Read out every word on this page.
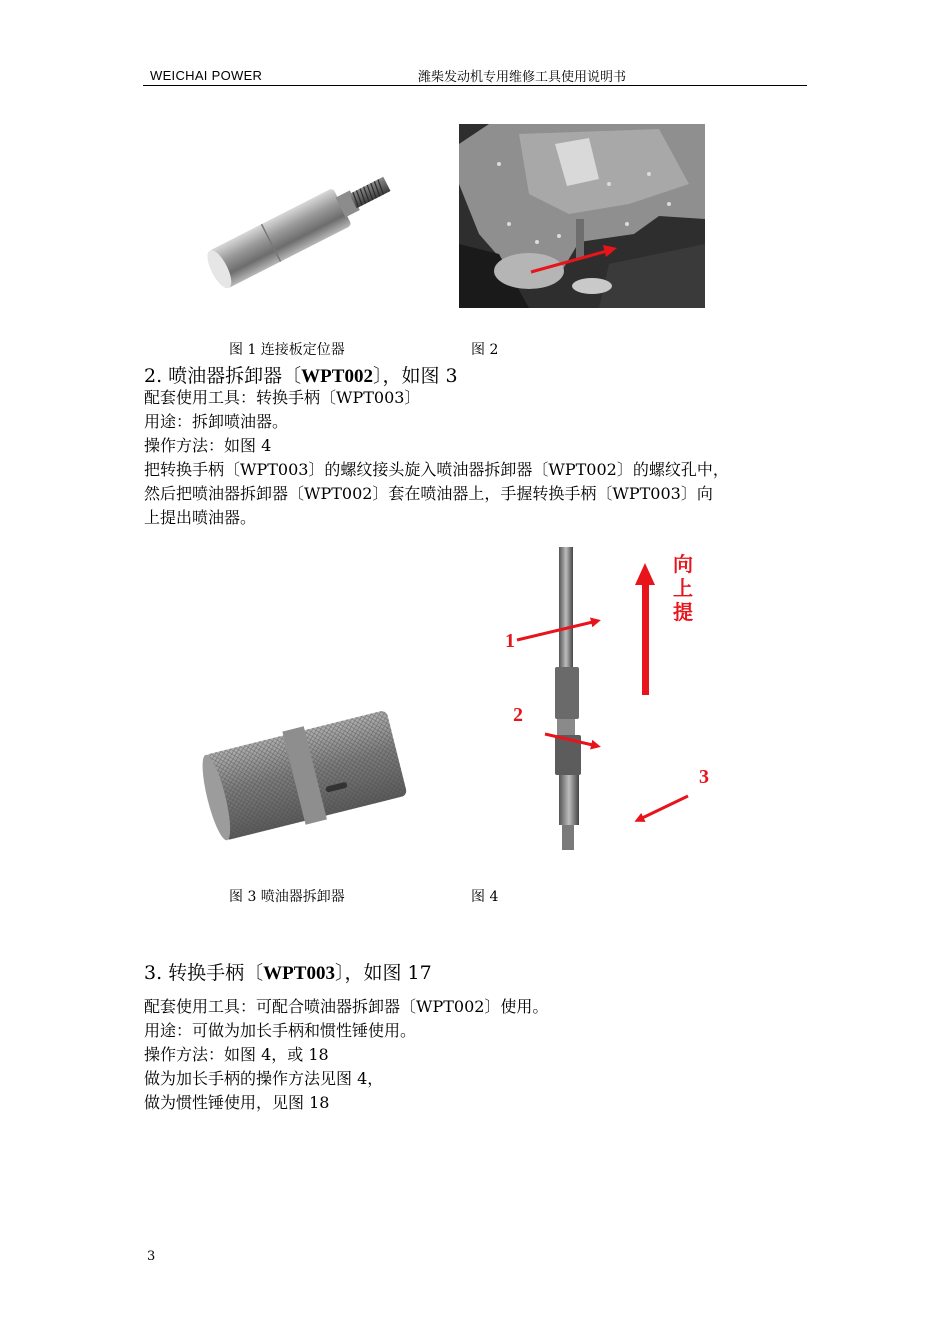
WEICHAI POWER	潍柴发动机专用维修工具使用说明书
图 1 连接板定位器	图 2
2. 喷油器拆卸器〔WPT002〕，如图 3
配套使用工具：转换手柄〔WPT003〕
用途：拆卸喷油器。
操作方法：如图 4
把转换手柄〔WPT003〕的螺纹接头旋入喷油器拆卸器〔WPT002〕的螺纹孔中，
然后把喷油器拆卸器〔WPT002〕套在喷油器上，手握转换手柄〔WPT003〕向
上提出喷油器。
1
2
3
向
上
提
图 3 喷油器拆卸器	图 4
3. 转换手柄〔WPT003〕，如图 17
配套使用工具：可配合喷油器拆卸器〔WPT002〕使用。
用途：可做为加长手柄和惯性锤使用。
操作方法：如图 4，或 18
做为加长手柄的操作方法见图 4，
做为惯性锤使用，见图 18
3
